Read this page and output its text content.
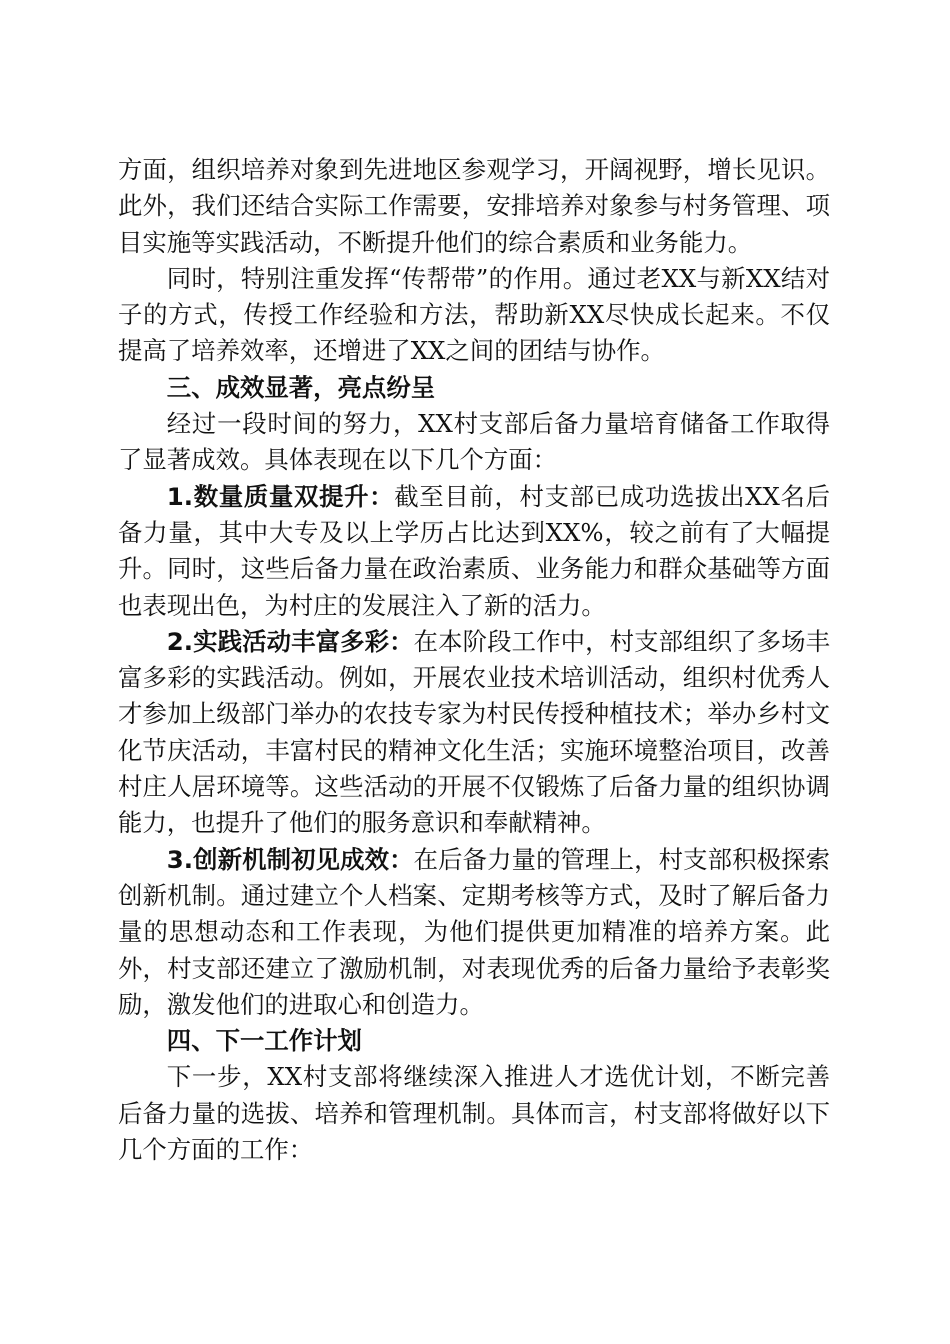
方面，组织培养对象到先进地区参观学习，开阔视野，增长见识。此外，我们还结合实际工作需要，安排培养对象参与村务管理、项目实施等实践活动，不断提升他们的综合素质和业务能力。

同时，特别注重发挥“传帮带”的作用。通过老XX与新XX结对子的方式，传授工作经验和方法，帮助新XX尽快成长起来。不仅提高了培养效率，还增进了XX之间的团结与协作。

三、成效显著，亮点纷呈

经过一段时间的努力，XX村支部后备力量培育储备工作取得了显著成效。具体表现在以下几个方面：

1.数量质量双提升：截至目前，村支部已成功选拔出XX名后备力量，其中大专及以上学历占比达到XX%，较之前有了大幅提升。同时，这些后备力量在政治素质、业务能力和群众基础等方面也表现出色，为村庄的发展注入了新的活力。

2.实践活动丰富多彩：在本阶段工作中，村支部组织了多场丰富多彩的实践活动。例如，开展农业技术培训活动，组织村优秀人才参加上级部门举办的农技专家为村民传授种植技术；举办乡村文化节庆活动，丰富村民的精神文化生活；实施环境整治项目，改善村庄人居环境等。这些活动的开展不仅锻炼了后备力量的组织协调能力，也提升了他们的服务意识和奉献精神。

3.创新机制初见成效：在后备力量的管理上，村支部积极探索创新机制。通过建立个人档案、定期考核等方式，及时了解后备力量的思想动态和工作表现，为他们提供更加精准的培养方案。此外，村支部还建立了激励机制，对表现优秀的后备力量给予表彰奖励，激发他们的进取心和创造力。

四、下一工作计划

下一步，XX村支部将继续深入推进人才选优计划，不断完善后备力量的选拔、培养和管理机制。具体而言，村支部将做好以下几个方面的工作：
